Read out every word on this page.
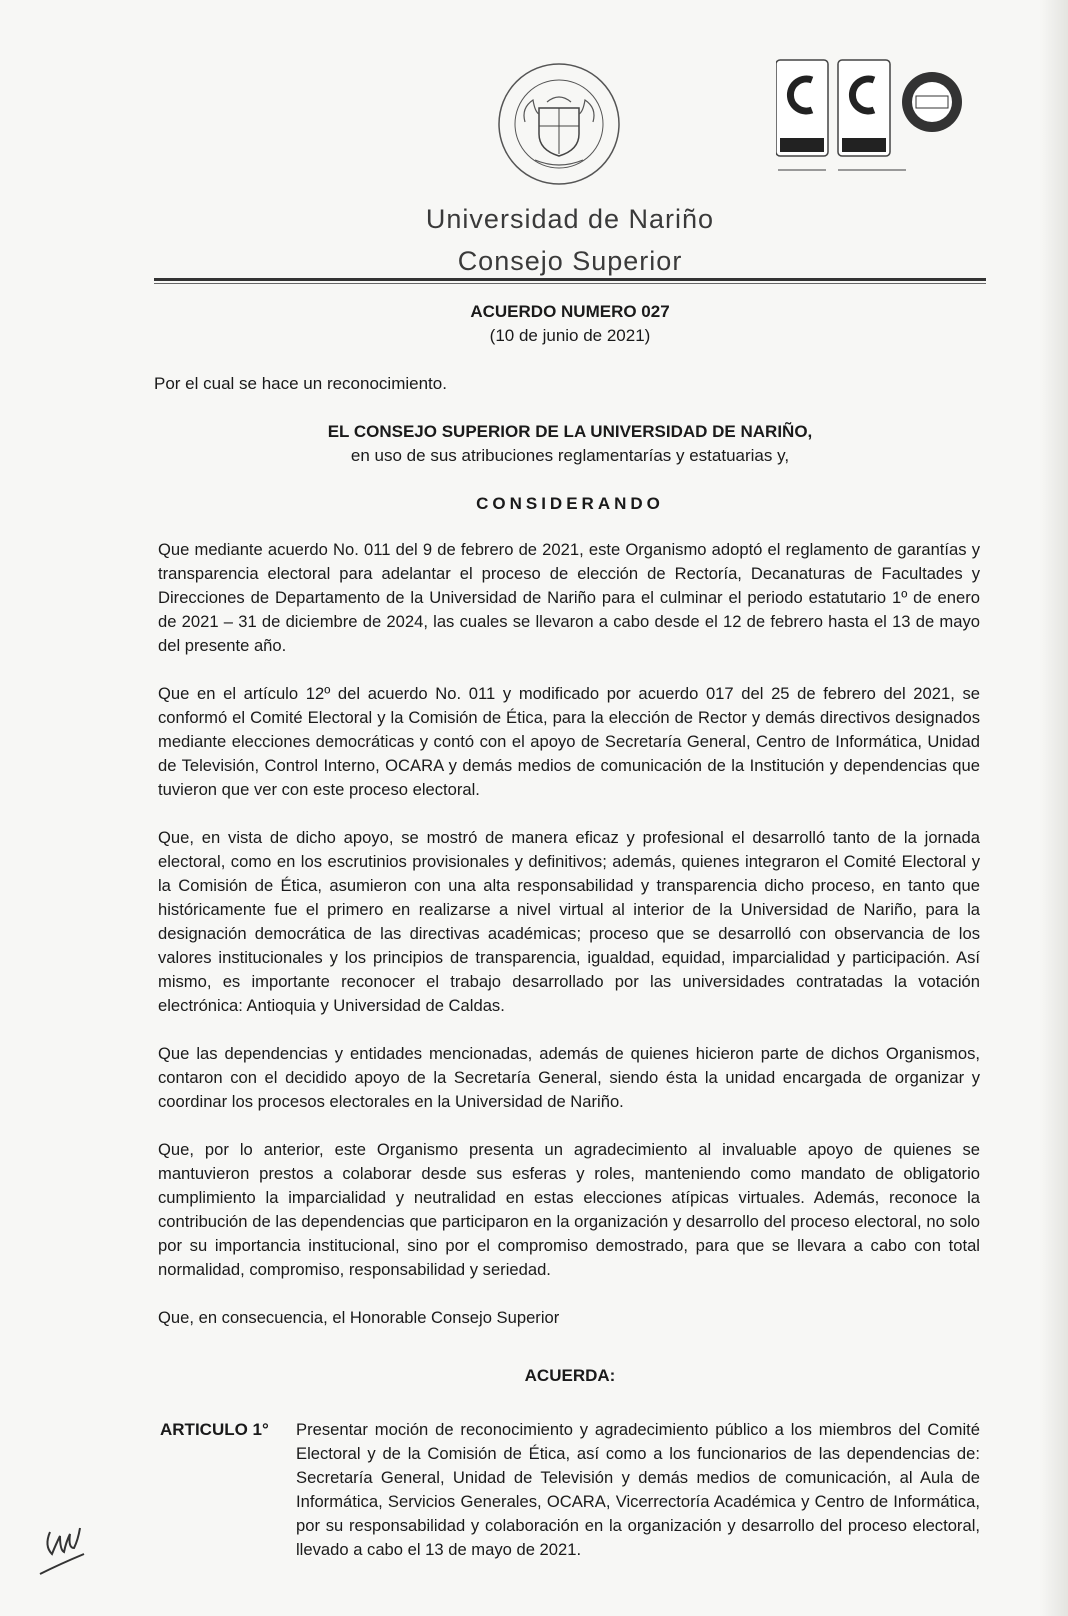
Universidad de Nariño
Consejo Superior
ACUERDO NUMERO 027
(10 de junio de 2021)
Por el cual se hace un reconocimiento.
EL CONSEJO SUPERIOR DE LA UNIVERSIDAD DE NARIÑO,
en uso de sus atribuciones reglamentarías y estatuarias y,
CONSIDERANDO

Que mediante acuerdo No. 011 del 9 de febrero de 2021, este Organismo adoptó el reglamento de garantías y transparencia electoral para adelantar el proceso de elección de Rectoría, Decanaturas de Facultades y Direcciones de Departamento de la Universidad de Nariño para el culminar el periodo estatutario 1º de enero de 2021 – 31 de diciembre de 2024, las cuales se llevaron a cabo desde el 12 de febrero hasta el 13 de mayo del presente año.

Que en el artículo 12º del acuerdo No. 011 y modificado por acuerdo 017 del 25 de febrero del 2021, se conformó el Comité Electoral y la Comisión de Ética, para la elección de Rector y demás directivos designados mediante elecciones democráticas y contó con el apoyo de Secretaría General, Centro de Informática, Unidad de Televisión, Control Interno, OCARA y demás medios de comunicación de la Institución y dependencias que tuvieron que ver con este proceso electoral.

Que, en vista de dicho apoyo, se mostró de manera eficaz y profesional el desarrolló tanto de la jornada electoral, como en los escrutinios provisionales y definitivos; además, quienes integraron el Comité Electoral y la Comisión de Ética, asumieron con una alta responsabilidad y transparencia dicho proceso, en tanto que históricamente fue el primero en realizarse a nivel virtual al interior de la Universidad de Nariño, para la designación democrática de las directivas académicas; proceso que se desarrolló con observancia de los valores institucionales y los principios de transparencia, igualdad, equidad, imparcialidad y participación. Así mismo, es importante reconocer el trabajo desarrollado por las universidades contratadas la votación electrónica: Antioquia y Universidad de Caldas.

Que las dependencias y entidades mencionadas, además de quienes hicieron parte de dichos Organismos, contaron con el decidido apoyo de la Secretaría General, siendo ésta la unidad encargada de organizar y coordinar los procesos electorales en la Universidad de Nariño.

Que, por lo anterior, este Organismo presenta un agradecimiento al invaluable apoyo de quienes se mantuvieron prestos a colaborar desde sus esferas y roles, manteniendo como mandato de obligatorio cumplimiento la imparcialidad y neutralidad en estas elecciones atípicas virtuales. Además, reconoce la contribución de las dependencias que participaron en la organización y desarrollo del proceso electoral, no solo por su importancia institucional, sino por el compromiso demostrado, para que se llevara a cabo con total normalidad, compromiso, responsabilidad y seriedad.

Que, en consecuencia, el Honorable Consejo Superior

ACUERDA:
ARTICULO 1° Presentar moción de reconocimiento y agradecimiento público a los miembros del Comité Electoral y de la Comisión de Ética, así como a los funcionarios de las dependencias de: Secretaría General, Unidad de Televisión y demás medios de comunicación, al Aula de Informática, Servicios Generales, OCARA, Vicerrectoría Académica y Centro de Informática, por su responsabilidad y colaboración en la organización y desarrollo del proceso electoral, llevado a cabo el 13 de mayo de 2021.
